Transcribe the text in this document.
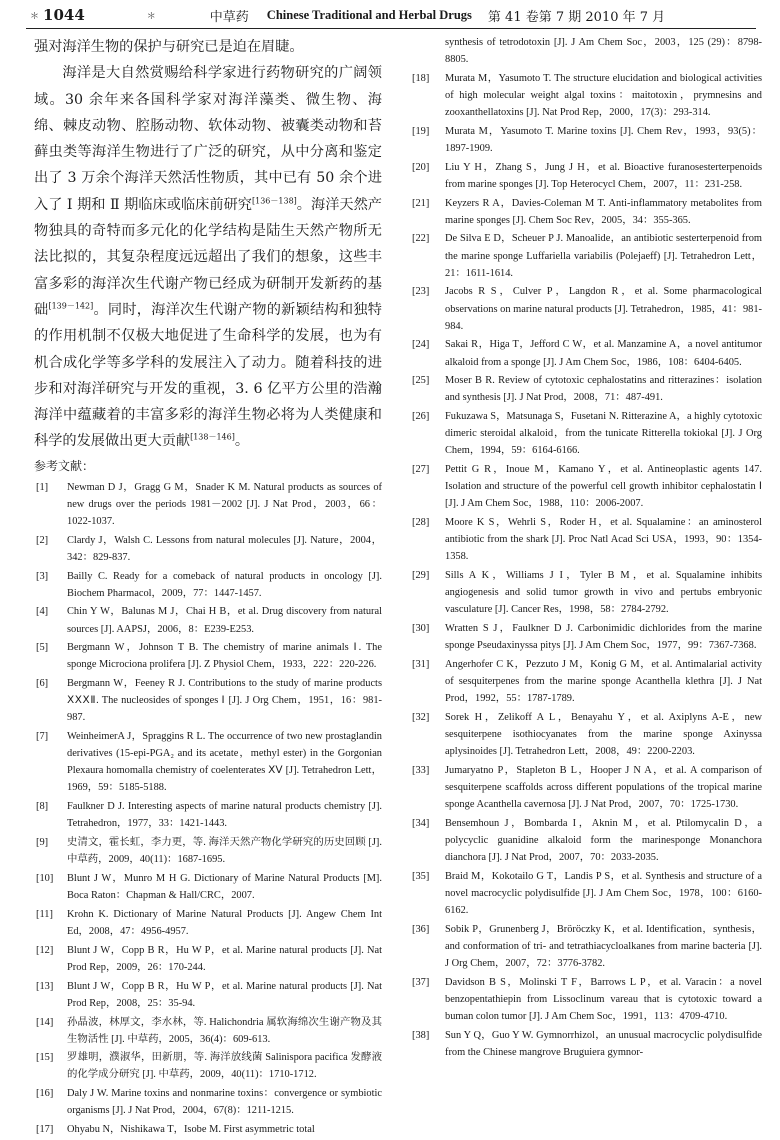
＊ 1044	＊	中草药 Chinese Traditional and Herbal Drugs 第 41 卷第 7 期 2010 年 7 月

强对海洋生物的保护与研究已是迫在眉睫。

海洋是大自然赏赐给科学家进行药物研究的广阔领域。30 余年来各国科学家对海洋藻类、微生物、海绵、棘皮动物、腔肠动物、软体动物、被囊类动物和苔藓虫类等海洋生物进行了广泛的研究，从中分离和鉴定出了 3 万余个海洋天然活性物质，其中已有 50 余个进入了 Ⅰ 期和 Ⅱ 期临床或临床前研究[136－138]。海洋天然产物独具的奇特而多元化的化学结构是陆生天然产物所无法比拟的，其复杂程度远远超出了我们的想象，这些丰富多彩的海洋次生代谢产物已经成为研制开发新药的基础[139－142]。同时，海洋次生代谢产物的新颖结构和独特的作用机制不仅极大地促进了生命科学的发展，也为有机合成化学等多学科的发展注入了动力。随着科技的进步和对海洋研究与开发的重视，3. 6 亿平方公里的浩瀚海洋中蕴藏着的丰富多彩的海洋生物必将为人类健康和科学的发展做出更大贡献[138－146]。

参考文献：
[1]	Newman D J，Gragg G M，Snader K M. Natural products as sources of new drugs over the periods 1981－2002 [J]. J Nat Prod，2003，66：1022-1037.
[2]	Clardy J，Walsh C. Lessons from natural molecules [J]. Nature，2004，342：829-837.
[3]	Bailly C. Ready for a comeback of natural products in oncology [J]. Biochem Pharmacol，2009，77：1447-1457.
[4]	Chin Y W，Balunas M J，Chai H B，et al. Drug discovery from natural sources [J]. AAPSJ，2006，8：E239-E253.
[5]	Bergmann W，Johnson T B. The chemistry of marine animals Ⅰ. The sponge Microciona prolifera [J]. Z Physiol Chem，1933，222：220-226.
[6]	Bergmann W，Feeney R J. Contributions to the study of marine products ⅩⅩⅩⅡ. The nucleosides of sponges Ⅰ [J]. J Org Chem，1951，16：981-987.
[7]	WeinheimerA J，Spraggins R L. The occurrence of two new prostaglandin derivatives (15-epi-PGA₂ and its acetate，methyl ester) in the Gorgonian Plexaura homomalla chemistry of coelenterates ⅩⅤ [J]. Tetrahedron Lett，1969，59：5185-5188.
[8]	Faulkner D J. Interesting aspects of marine natural products chemistry [J]. Tetrahedron，1977，33：1421-1443.
[9]	史清文，霍长虹，李力更，等. 海洋天然产物化学研究的历史回顾 [J]. 中草药，2009，40(11)：1687-1695.
[10]	Blunt J W，Munro M H G. Dictionary of Marine Natural Products [M]. Boca Raton：Chapman & Hall/CRC，2007.
[11]	Krohn K. Dictionary of Marine Natural Products [J]. Angew Chem Int Ed，2008，47：4956-4957.
[12]	Blunt J W，Copp B R，Hu W P，et al. Marine natural products [J]. Nat Prod Rep，2009，26：170-244.
[13]	Blunt J W，Copp B R，Hu W P，et al. Marine natural products [J]. Nat Prod Rep，2008，25：35-94.
[14]	孙晶波，林厚文，李水林，等. Halichondria 属软海绵次生谢产物及其生物活性 [J]. 中草药，2005，36(4)：609-613.
[15]	罗雄明，濮淑华，田新朋，等. 海洋放线菌 Salinispora pacifica 发酵液的化学成分研究 [J]. 中草药，2009，40(11)：1710-1712.
[16]	Daly J W. Marine toxins and nonmarine toxins：convergence or symbiotic organisms [J]. J Nat Prod，2004，67(8)：1211-1215.
[17]	Ohyabu N，Nishikawa T，Isobe M. First asymmetric total
synthesis of tetrodotoxin [J]. J Am Chem Soc，2003，125 (29)：8798-8805.
[18]	Murata M，Yasumoto T. The structure elucidation and biological activities of high molecular weight algal toxins：maitotoxin，prymnesins and zooxanthellatoxins [J]. Nat Prod Rep，2000，17(3)：293-314.
[19]	Murata M，Yasumoto T. Marine toxins [J]. Chem Rev，1993，93(5)：1897-1909.
[20]	Liu Y H，Zhang S，Jung J H，et al. Bioactive furanosesterterpenoids from marine sponges [J]. Top Heterocycl Chem，2007，11：231-258.
[21]	Keyzers R A，Davies-Coleman M T. Anti-inflammatory metabolites from marine sponges [J]. Chem Soc Rev，2005，34：355-365.
[22]	De Silva E D，Scheuer P J. Manoalide，an antibiotic sesterterpenoid from the marine sponge Luffariella variabilis (Polejaeff) [J]. Tetrahedron Lett，21：1611-1614.
[23]	Jacobs R S，Culver P，Langdon R，et al. Some pharmacological observations on marine natural products [J]. Tetrahedron，1985，41：981-984.
[24]	Sakai R，Higa T，Jefford C W，et al. Manzamine A，a novel antitumor alkaloid from a sponge [J]. J Am Chem Soc，1986，108：6404-6405.
[25]	Moser B R. Review of cytotoxic cephalostatins and ritterazines：isolation and synthesis [J]. J Nat Prod，2008，71：487-491.
[26]	Fukuzawa S，Matsunaga S，Fusetani N. Ritterazine A，a highly cytotoxic dimeric steroidal alkaloid，from the tunicate Ritterella tokiokal [J]. J Org Chem，1994，59：6164-6166.
[27]	Pettit G R，Inoue M，Kamano Y，et al. Antineoplastic agents 147. Isolation and structure of the powerful cell growth inhibitor cephalostatin Ⅰ [J]. J Am Chem Soc，1988，110：2006-2007.
[28]	Moore K S，Wehrli S，Roder H，et al. Squalamine：an aminosterol antibiotic from the shark [J]. Proc Natl Acad Sci USA，1993，90：1354-1358.
[29]	Sills A K，Williams J I，Tyler B M，et al. Squalamine inhibits angiogenesis and solid tumor growth in vivo and pertubs embryonic vasculature [J]. Cancer Res，1998，58：2784-2792.
[30]	Wratten S J，Faulkner D J. Carbonimidic dichlorides from the marine sponge Pseudaxinyssa pitys [J]. J Am Chem Soc，1977，99：7367-7368.
[31]	Angerhofer C K，Pezzuto J M，Konig G M，et al. Antimalarial activity of sesquiterpenes from the marine sponge Acanthella klethra [J]. J Nat Prod，1992，55：1787-1789.
[32]	Sorek H，Zelikoff A L，Benayahu Y，et al. Axiplyns A-E，new sesquiterpene isothiocyanates from the marine sponge Axinyssa aplysinoides [J]. Tetrahedron Lett，2008，49：2200-2203.
[33]	Jumaryatno P，Stapleton B L，Hooper J N A，et al. A comparison of sesquiterpene scaffolds across different populations of the tropical marine sponge Acanthella cavernosa [J]. J Nat Prod，2007，70：1725-1730.
[34]	Bensemhoun J，Bombarda I，Aknin M，et al. Ptilomycalin D，a polycyclic guanidine alkaloid form the marinesponge Monanchora dianchora [J]. J Nat Prod，2007，70：2033-2035.
[35]	Braid M，Kokotailo G T，Landis P S，et al. Synthesis and structure of a novel macrocyclic polydisulfide [J]. J Am Chem Soc，1978，100：6160-6162.
[36]	Sobik P，Grunenberg J，Bröröczky K，et al. Identification，synthesis，and conformation of tri- and tetrathiacycloalkanes from marine bacteria [J]. J Org Chem，2007，72：3776-3782.
[37]	Davidson B S，Molinski T F，Barrows L P，et al. Varacin：a novel benzopentathiepin from Lissoclinum vareau that is cytotoxic toward a buman colon tumor [J]. J Am Chem Soc，1991，113：4709-4710.
[38]	Sun Y Q，Guo Y W. Gymnorrhizol，an unusual macrocyclic polydisulfide from the Chinese mangrove Bruguiera gymnor-
